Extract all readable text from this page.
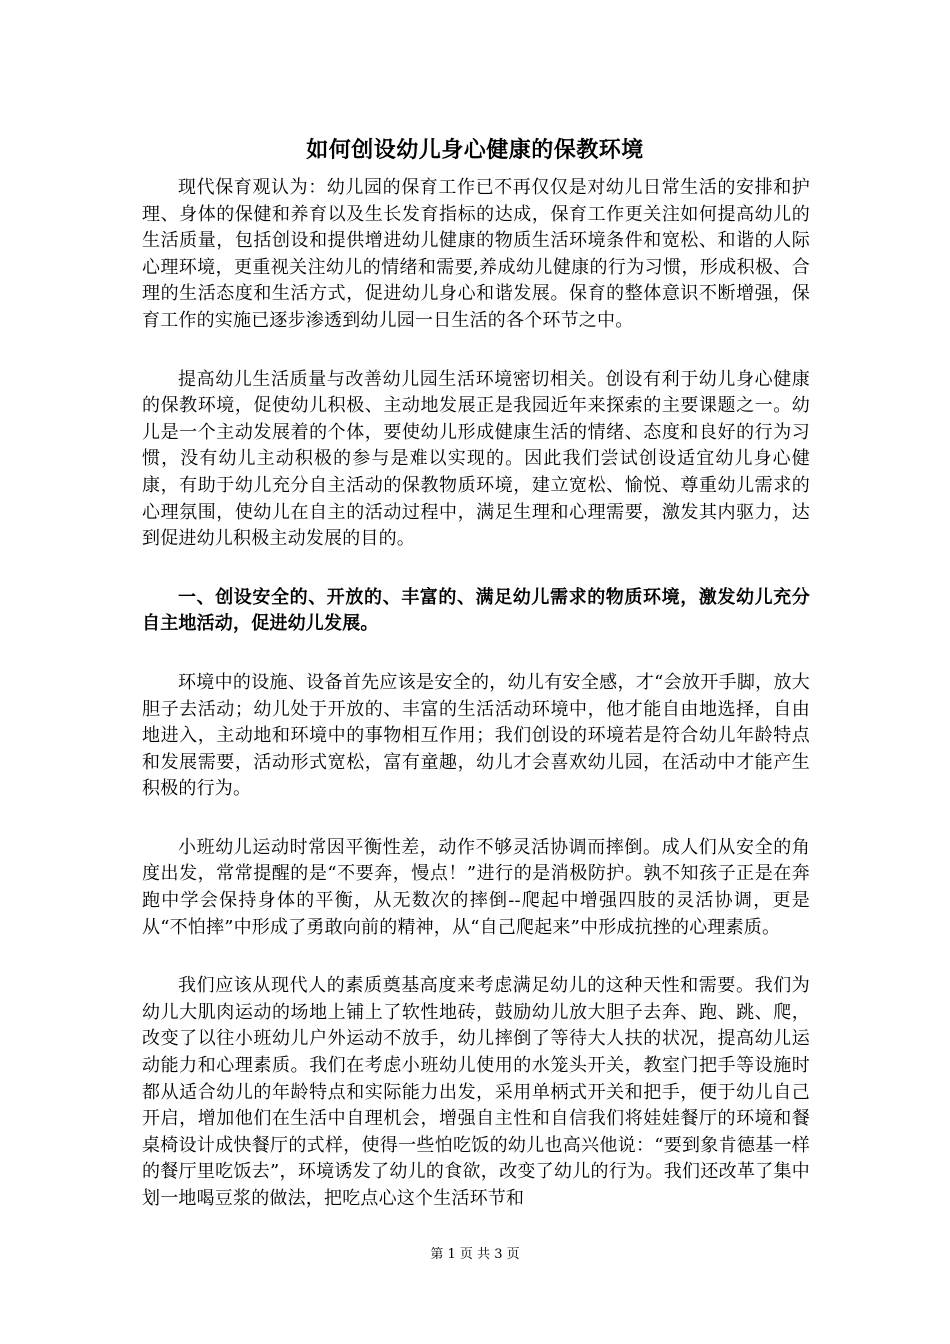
如何创设幼儿身心健康的保教环境

现代保育观认为：幼儿园的保育工作已不再仅仅是对幼儿日常生活的安排和护理、身体的保健和养育以及生长发育指标的达成，保育工作更关注如何提高幼儿的生活质量，包括创设和提供增进幼儿健康的物质生活环境条件和宽松、和谐的人际心理环境，更重视关注幼儿的情绪和需要,养成幼儿健康的行为习惯，形成积极、合理的生活态度和生活方式，促进幼儿身心和谐发展。保育的整体意识不断增强，保育工作的实施已逐步渗透到幼儿园一日生活的各个环节之中。

提高幼儿生活质量与改善幼儿园生活环境密切相关。创设有利于幼儿身心健康的保教环境，促使幼儿积极、主动地发展正是我园近年来探索的主要课题之一。幼儿是一个主动发展着的个体，要使幼儿形成健康生活的情绪、态度和良好的行为习惯，没有幼儿主动积极的参与是难以实现的。因此我们尝试创设适宜幼儿身心健康，有助于幼儿充分自主活动的保教物质环境，建立宽松、愉悦、尊重幼儿需求的心理氛围，使幼儿在自主的活动过程中，满足生理和心理需要，激发其内驱力，达到促进幼儿积极主动发展的目的。

一、创设安全的、开放的、丰富的、满足幼儿需求的物质环境，激发幼儿充分自主地活动，促进幼儿发展。

环境中的设施、设备首先应该是安全的，幼儿有安全感，才“会放开手脚，放大胆子去活动；幼儿处于开放的、丰富的生活活动环境中，他才能自由地选择，自由地进入，主动地和环境中的事物相互作用；我们创设的环境若是符合幼儿年龄特点和发展需要，活动形式宽松，富有童趣，幼儿才会喜欢幼儿园，在活动中才能产生积极的行为。

小班幼儿运动时常因平衡性差，动作不够灵活协调而摔倒。成人们从安全的角度出发，常常提醒的是“不要奔，慢点！”进行的是消极防护。孰不知孩子正是在奔跑中学会保持身体的平衡，从无数次的摔倒--爬起中增强四肢的灵活协调，更是从“不怕摔”中形成了勇敢向前的精神，从“自己爬起来”中形成抗挫的心理素质。

我们应该从现代人的素质奠基高度来考虑满足幼儿的这种天性和需要。我们为幼儿大肌肉运动的场地上铺上了软性地砖，鼓励幼儿放大胆子去奔、跑、跳、爬，改变了以往小班幼儿户外运动不放手，幼儿摔倒了等待大人扶的状况，提高幼儿运动能力和心理素质。我们在考虑小班幼儿使用的水笼头开关，教室门把手等设施时都从适合幼儿的年龄特点和实际能力出发，采用单柄式开关和把手，便于幼儿自己开启，增加他们在生活中自理机会，增强自主性和自信我们将娃娃餐厅的环境和餐桌椅设计成快餐厅的式样，使得一些怕吃饭的幼儿也高兴他说：“要到象肯德基一样的餐厅里吃饭去”，环境诱发了幼儿的食欲，改变了幼儿的行为。我们还改革了集中划一地喝豆浆的做法，把吃点心这个生活环节和

第 1 页 共 3 页
